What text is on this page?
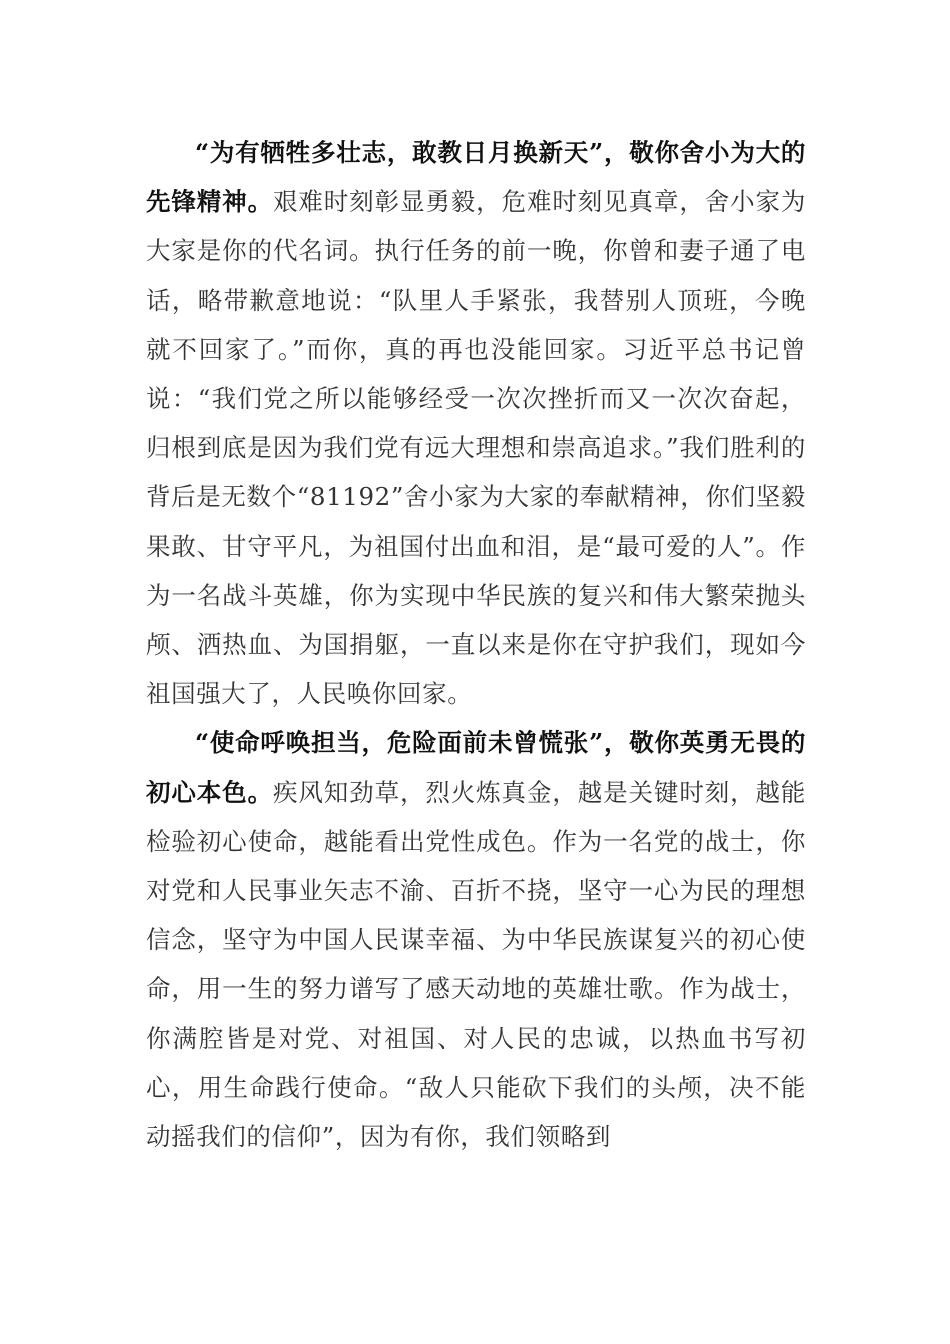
“为有牺牲多壮志，敢教日月换新天”，敬你舍小为大的先锋精神。艰难时刻彰显勇毅，危难时刻见真章，舍小家为大家是你的代名词。执行任务的前一晚，你曾和妻子通了电话，略带歉意地说：“队里人手紧张，我替别人顶班，今晚就不回家了。”而你，真的再也没能回家。习近平总书记曾说：“我们党之所以能够经受一次次挫折而又一次次奋起，归根到底是因为我们党有远大理想和崇高追求。”我们胜利的背后是无数个“81192”舍小家为大家的奉献精神，你们坚毅果敢、甘守平凡，为祖国付出血和泪，是“最可爱的人”。作为一名战斗英雄，你为实现中华民族的复兴和伟大繁荣抛头颅、洒热血、为国捐躯，一直以来是你在守护我们，现如今祖国强大了，人民唤你回家。

“使命呼唤担当，危险面前未曾慌张”，敬你英勇无畏的初心本色。疾风知劲草，烈火炼真金，越是关键时刻，越能检验初心使命，越能看出党性成色。作为一名党的战士，你对党和人民事业矢志不渝、百折不挠，坚守一心为民的理想信念，坚守为中国人民谋幸福、为中华民族谋复兴的初心使命，用一生的努力谱写了感天动地的英雄壮歌。作为战士，你满腔皆是对党、对祖国、对人民的忠诚，以热血书写初心，用生命践行使命。“敌人只能砍下我们的头颅，决不能动摇我们的信仰”，因为有你，我们领略到
